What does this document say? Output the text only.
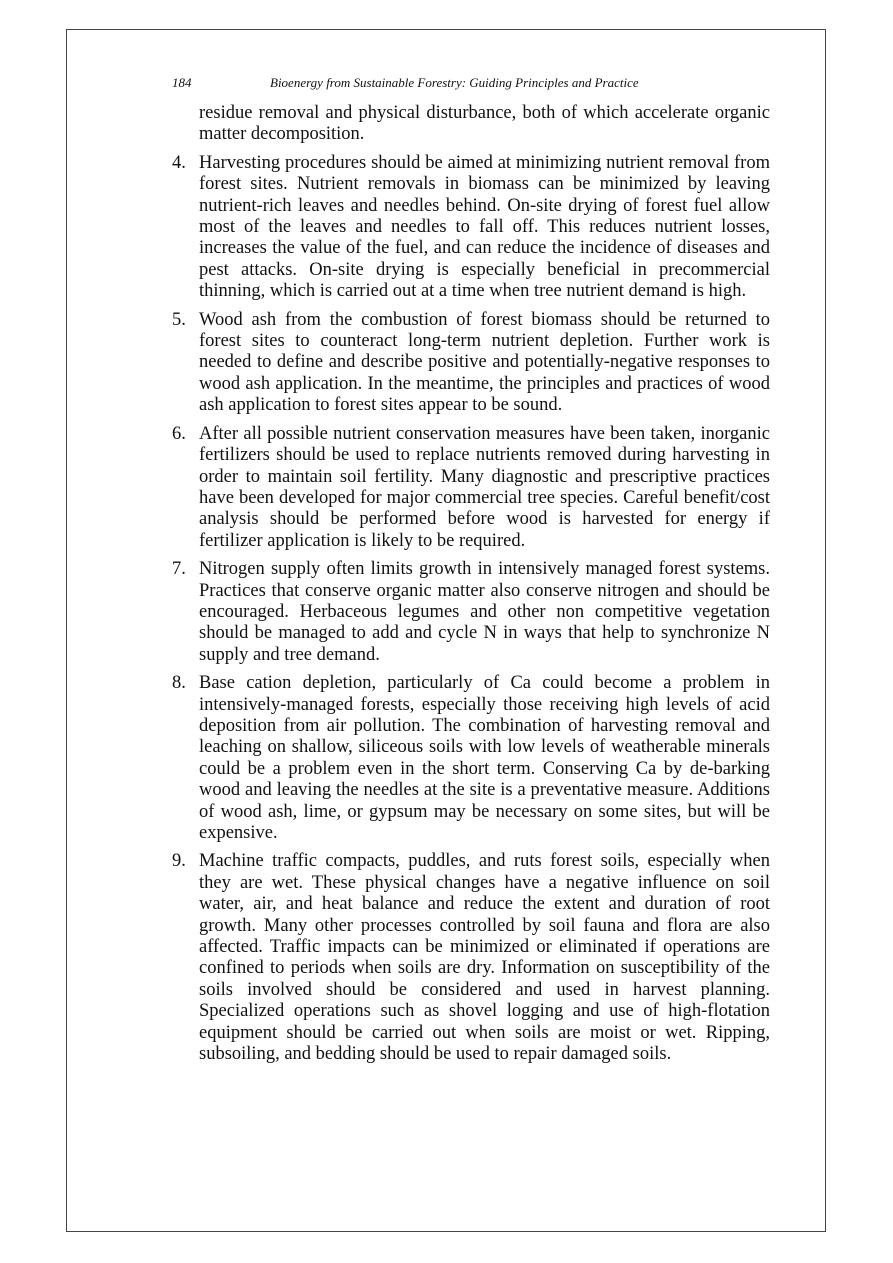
184	Bioenergy from Sustainable Forestry: Guiding Principles and Practice

residue removal and physical disturbance, both of which accelerate organic matter decomposition.

4. Harvesting procedures should be aimed at minimizing nutrient removal from forest sites. Nutrient removals in biomass can be minimized by leaving nutrient-rich leaves and needles behind. On-site drying of forest fuel allow most of the leaves and needles to fall off. This reduces nutrient losses, increases the value of the fuel, and can reduce the incidence of diseases and pest attacks. On-site drying is especially beneficial in precommercial thinning, which is carried out at a time when tree nutrient demand is high.
5. Wood ash from the combustion of forest biomass should be returned to forest sites to counteract long-term nutrient depletion. Further work is needed to define and describe positive and potentially-negative responses to wood ash application. In the meantime, the principles and practices of wood ash application to forest sites appear to be sound.
6. After all possible nutrient conservation measures have been taken, inorganic fertilizers should be used to replace nutrients removed during harvesting in order to maintain soil fertility. Many diagnostic and prescriptive practices have been developed for major commercial tree species. Careful benefit/cost analysis should be performed before wood is harvested for energy if fertilizer application is likely to be required.
7. Nitrogen supply often limits growth in intensively managed forest systems. Practices that conserve organic matter also conserve nitrogen and should be encouraged. Herbaceous legumes and other non competitive vegetation should be managed to add and cycle N in ways that help to synchronize N supply and tree demand.
8. Base cation depletion, particularly of Ca could become a problem in intensively-managed forests, especially those receiving high levels of acid deposition from air pollution. The combination of harvesting removal and leaching on shallow, siliceous soils with low levels of weatherable minerals could be a problem even in the short term. Conserving Ca by de-barking wood and leaving the needles at the site is a preventative measure. Additions of wood ash, lime, or gypsum may be necessary on some sites, but will be expensive.
9. Machine traffic compacts, puddles, and ruts forest soils, especially when they are wet. These physical changes have a negative influence on soil water, air, and heat balance and reduce the extent and duration of root growth. Many other processes controlled by soil fauna and flora are also affected. Traffic impacts can be minimized or eliminated if operations are confined to periods when soils are dry. Information on susceptibility of the soils involved should be considered and used in harvest planning. Specialized operations such as shovel logging and use of high-flotation equipment should be carried out when soils are moist or wet. Ripping, subsoiling, and bedding should be used to repair damaged soils.
